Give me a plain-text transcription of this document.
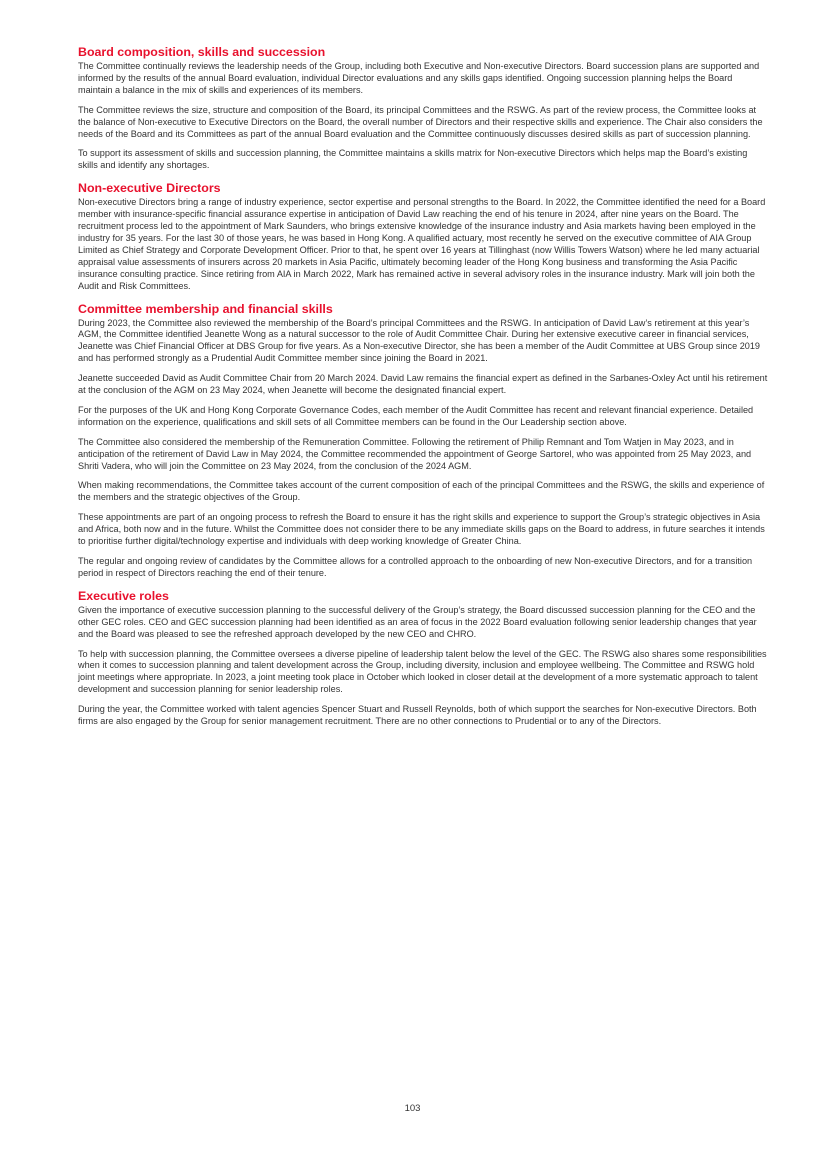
Board composition, skills and succession

The Committee continually reviews the leadership needs of the Group, including both Executive and Non-executive Directors. Board succession plans are supported and informed by the results of the annual Board evaluation, individual Director evaluations and any skills gaps identified. Ongoing succession planning helps the Board maintain a balance in the mix of skills and experiences of its members.

The Committee reviews the size, structure and composition of the Board, its principal Committees and the RSWG. As part of the review process, the Committee looks at the balance of Non-executive to Executive Directors on the Board, the overall number of Directors and their respective skills and experience. The Chair also considers the needs of the Board and its Committees as part of the annual Board evaluation and the Committee continuously discusses desired skills as part of succession planning.

To support its assessment of skills and succession planning, the Committee maintains a skills matrix for Non-executive Directors which helps map the Board’s existing skills and identify any shortages.

Non-executive Directors

Non-executive Directors bring a range of industry experience, sector expertise and personal strengths to the Board. In 2022, the Committee identified the need for a Board member with insurance-specific financial assurance expertise in anticipation of David Law reaching the end of his tenure in 2024, after nine years on the Board. The recruitment process led to the appointment of Mark Saunders, who brings extensive knowledge of the insurance industry and Asia markets having been employed in the industry for 35 years. For the last 30 of those years, he was based in Hong Kong. A qualified actuary, most recently he served on the executive committee of AIA Group Limited as Chief Strategy and Corporate Development Officer. Prior to that, he spent over 16 years at Tillinghast (now Willis Towers Watson) where he led many actuarial appraisal value assessments of insurers across 20 markets in Asia Pacific, ultimately becoming leader of the Hong Kong business and transforming the Asia Pacific insurance consulting practice. Since retiring from AIA in March 2022, Mark has remained active in several advisory roles in the insurance industry. Mark will join both the Audit and Risk Committees.

Committee membership and financial skills

During 2023, the Committee also reviewed the membership of the Board’s principal Committees and the RSWG. In anticipation of David Law’s retirement at this year’s AGM, the Committee identified Jeanette Wong as a natural successor to the role of Audit Committee Chair. During her extensive executive career in financial services, Jeanette was Chief Financial Officer at DBS Group for five years. As a Non-executive Director, she has been a member of the Audit Committee at UBS Group since 2019 and has performed strongly as a Prudential Audit Committee member since joining the Board in 2021.

Jeanette succeeded David as Audit Committee Chair from 20 March 2024. David Law remains the financial expert as defined in the Sarbanes-Oxley Act until his retirement at the conclusion of the AGM on 23 May 2024, when Jeanette will become the designated financial expert.

For the purposes of the UK and Hong Kong Corporate Governance Codes, each member of the Audit Committee has recent and relevant financial experience. Detailed information on the experience, qualifications and skill sets of all Committee members can be found in the Our Leadership section above.

The Committee also considered the membership of the Remuneration Committee. Following the retirement of Philip Remnant and Tom Watjen in May 2023, and in anticipation of the retirement of David Law in May 2024, the Committee recommended the appointment of George Sartorel, who was appointed from 25 May 2023, and Shriti Vadera, who will join the Committee on 23 May 2024, from the conclusion of the 2024 AGM.

When making recommendations, the Committee takes account of the current composition of each of the principal Committees and the RSWG, the skills and experience of the members and the strategic objectives of the Group.

These appointments are part of an ongoing process to refresh the Board to ensure it has the right skills and experience to support the Group’s strategic objectives in Asia and Africa, both now and in the future. Whilst the Committee does not consider there to be any immediate skills gaps on the Board to address, in future searches it intends to prioritise further digital/technology expertise and individuals with deep working knowledge of Greater China.

The regular and ongoing review of candidates by the Committee allows for a controlled approach to the onboarding of new Non-executive Directors, and for a transition period in respect of Directors reaching the end of their tenure.

Executive roles

Given the importance of executive succession planning to the successful delivery of the Group’s strategy, the Board discussed succession planning for the CEO and the other GEC roles. CEO and GEC succession planning had been identified as an area of focus in the 2022 Board evaluation following senior leadership changes that year and the Board was pleased to see the refreshed approach developed by the new CEO and CHRO.

To help with succession planning, the Committee oversees a diverse pipeline of leadership talent below the level of the GEC. The RSWG also shares some responsibilities when it comes to succession planning and talent development across the Group, including diversity, inclusion and employee wellbeing. The Committee and RSWG hold joint meetings where appropriate. In 2023, a joint meeting took place in October which looked in closer detail at the development of a more systematic approach to talent development and succession planning for senior leadership roles.

During the year, the Committee worked with talent agencies Spencer Stuart and Russell Reynolds, both of which support the searches for Non-executive Directors. Both firms are also engaged by the Group for senior management recruitment. There are no other connections to Prudential or to any of the Directors.

103
